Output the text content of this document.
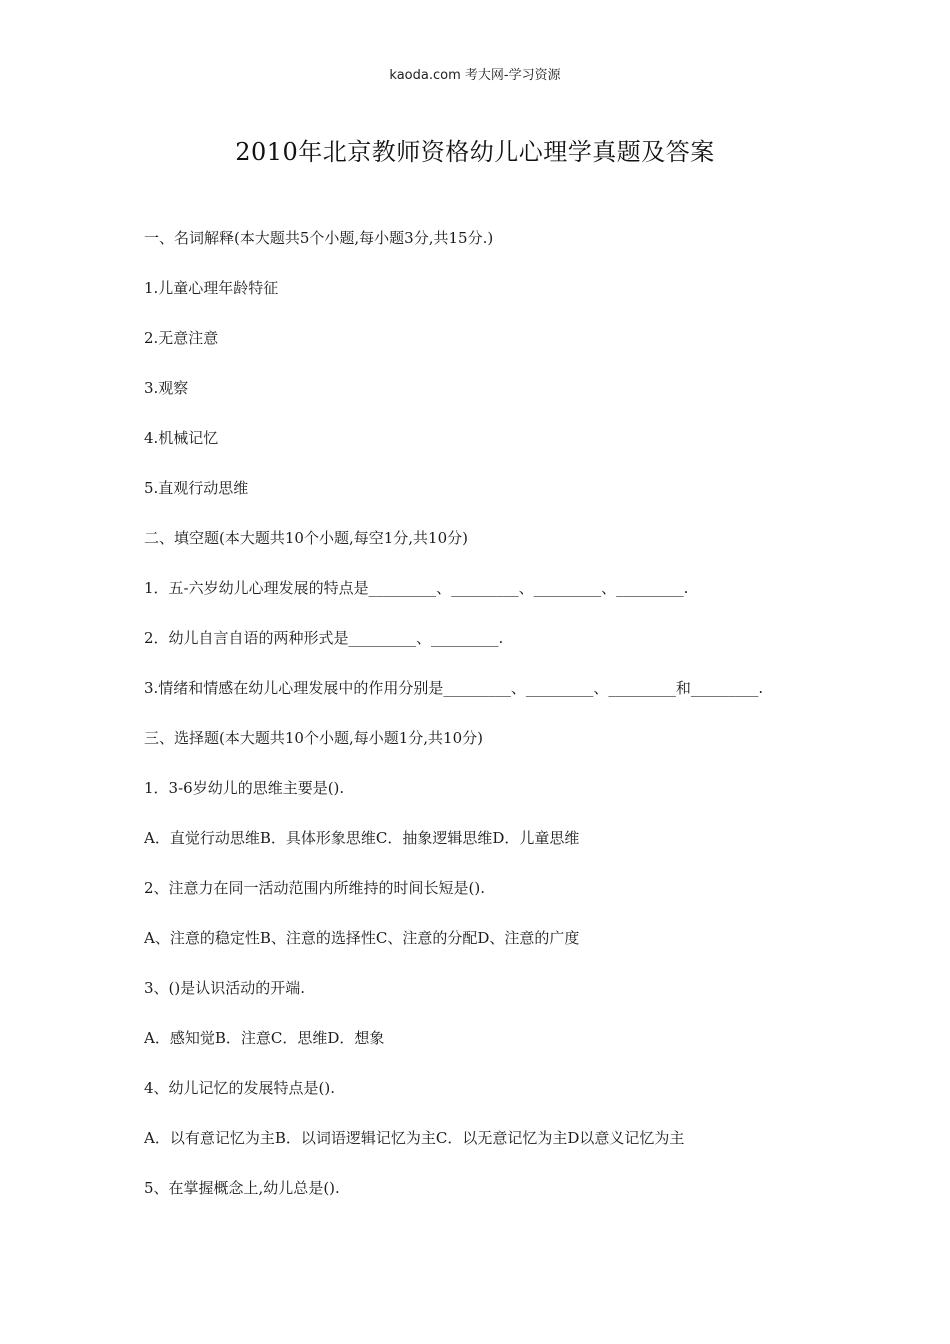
kaoda.com 考大网-学习资源
2010年北京教师资格幼儿心理学真题及答案
一、名词解释(本大题共5个小题,每小题3分,共15分.)
1.儿童心理年龄特征
2.无意注意
3.观察
4.机械记忆
5.直观行动思维
二、填空题(本大题共10个小题,每空1分,共10分)
1．五-六岁幼儿心理发展的特点是_________、_________、_________、_________.
2．幼儿自言自语的两种形式是_________、_________.
3.情绪和情感在幼儿心理发展中的作用分别是_________、_________、_________和_________.
三、选择题(本大题共10个小题,每小题1分,共10分)
1．3-6岁幼儿的思维主要是().
A．直觉行动思维B．具体形象思维C．抽象逻辑思维D．儿童思维
2、注意力在同一活动范围内所维持的时间长短是().
A、注意的稳定性B、注意的选择性C、注意的分配D、注意的广度
3、()是认识活动的开端.
A．感知觉B．注意C．思维D．想象
4、幼儿记忆的发展特点是().
A．以有意记忆为主B．以词语逻辑记忆为主C．以无意记忆为主D以意义记忆为主
5、在掌握概念上,幼儿总是().
